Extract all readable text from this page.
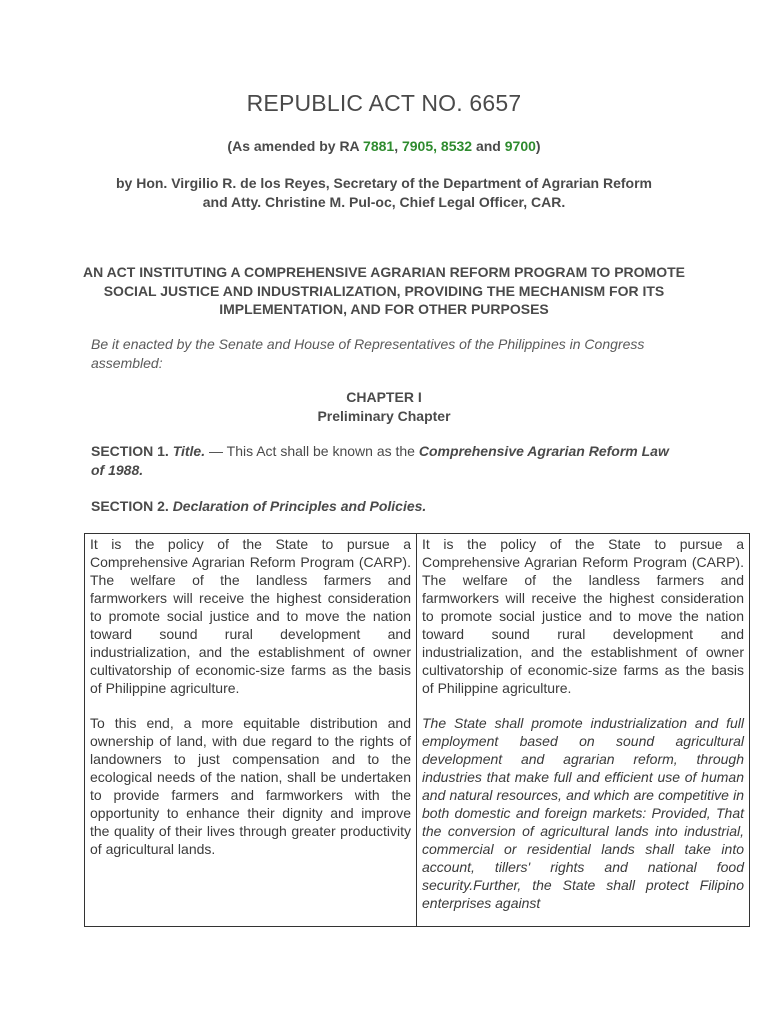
REPUBLIC ACT NO. 6657
(As amended by RA 7881, 7905, 8532 and 9700)
by Hon. Virgilio R. de los Reyes, Secretary of the Department of Agrarian Reform
and Atty. Christine M. Pul-oc, Chief Legal Officer, CAR.
AN ACT INSTITUTING A COMPREHENSIVE AGRARIAN REFORM PROGRAM TO PROMOTE SOCIAL JUSTICE AND INDUSTRIALIZATION, PROVIDING THE MECHANISM FOR ITS IMPLEMENTATION, AND FOR OTHER PURPOSES
Be it enacted by the Senate and House of Representatives of the Philippines in Congress assembled:
CHAPTER I
Preliminary Chapter
SECTION 1. Title. — This Act shall be known as the Comprehensive Agrarian Reform Law of 1988.
SECTION 2. Declaration of Principles and Policies.

It is the policy of the State to pursue a Comprehensive Agrarian Reform Program (CARP). The welfare of the landless farmers and farmworkers will receive the highest consideration to promote social justice and to move the nation toward sound rural development and industrialization, and the establishment of owner cultivatorship of economic-size farms as the basis of Philippine agriculture.

To this end, a more equitable distribution and ownership of land, with due regard to the rights of landowners to just compensation and to the ecological needs of the nation, shall be undertaken to provide farmers and farmworkers with the opportunity to enhance their dignity and improve the quality of their lives through greater productivity of agricultural lands.

It is the policy of the State to pursue a Comprehensive Agrarian Reform Program (CARP). The welfare of the landless farmers and farmworkers will receive the highest consideration to promote social justice and to move the nation toward sound rural development and industrialization, and the establishment of owner cultivatorship of economic-size farms as the basis of Philippine agriculture.

The State shall promote industrialization and full employment based on sound agricultural development and agrarian reform, through industries that make full and efficient use of human and natural resources, and which are competitive in both domestic and foreign markets: Provided, That the conversion of agricultural lands into industrial, commercial or residential lands shall take into account, tillers' rights and national food security.Further, the State shall protect Filipino enterprises against
